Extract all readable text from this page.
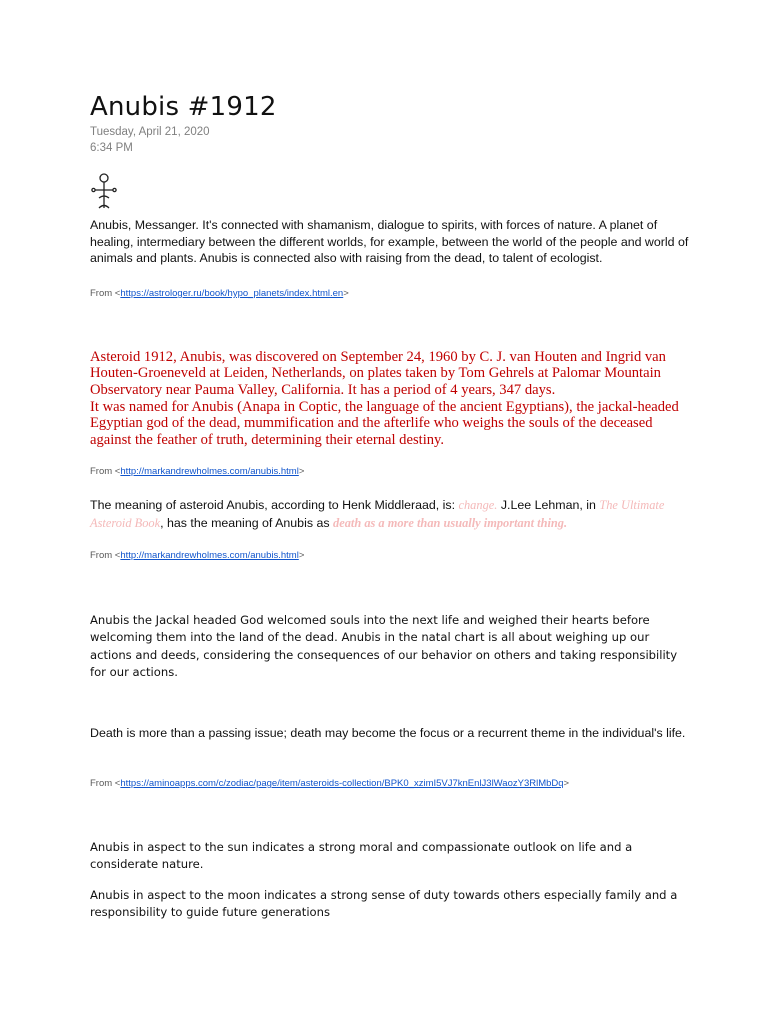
Anubis #1912
Tuesday, April 21, 2020
6:34 PM

Anubis, Messanger. It's connected with shamanism, dialogue to spirits, with forces of nature. A planet of healing, intermediary between the different worlds, for example, between the world of the people and world of animals and plants. Anubis is connected also with raising from the dead, to talent of ecologist.

From <https://astrologer.ru/book/hypo_planets/index.html.en>

Asteroid 1912, Anubis, was discovered on September 24, 1960 by C. J. van Houten and Ingrid van Houten-Groeneveld at Leiden, Netherlands, on plates taken by Tom Gehrels at Palomar Mountain Observatory near Pauma Valley, California. It has a period of 4 years, 347 days.

It was named for Anubis (Anapa in Coptic, the language of the ancient Egyptians), the jackal-headed Egyptian god of the dead, mummification and the afterlife who weighs the souls of the deceased against the feather of truth, determining their eternal destiny.

From <http://markandrewholmes.com/anubis.html>

The meaning of asteroid Anubis, according to Henk Middleraad, is: change. J.Lee Lehman, in The Ultimate Asteroid Book, has the meaning of Anubis as death as a more than usually important thing.

From <http://markandrewholmes.com/anubis.html>

Anubis the Jackal headed God welcomed souls into the next life and weighed their hearts before welcoming them into the land of the dead. Anubis in the natal chart is all about weighing up our actions and deeds, considering the consequences of our behavior on others and taking responsibility for our actions.

Death is more than a passing issue; death may become the focus or a recurrent theme in the individual's life.

From <https://aminoapps.com/c/zodiac/page/item/asteroids-collection/BPK0_xzimI5VJ7knEnlJ3lWaozY3RlMbDq>

Anubis in aspect to the sun indicates a strong moral and compassionate outlook on life and a considerate nature.

Anubis in aspect to the moon indicates a strong sense of duty towards others especially family and a responsibility to guide future generations
